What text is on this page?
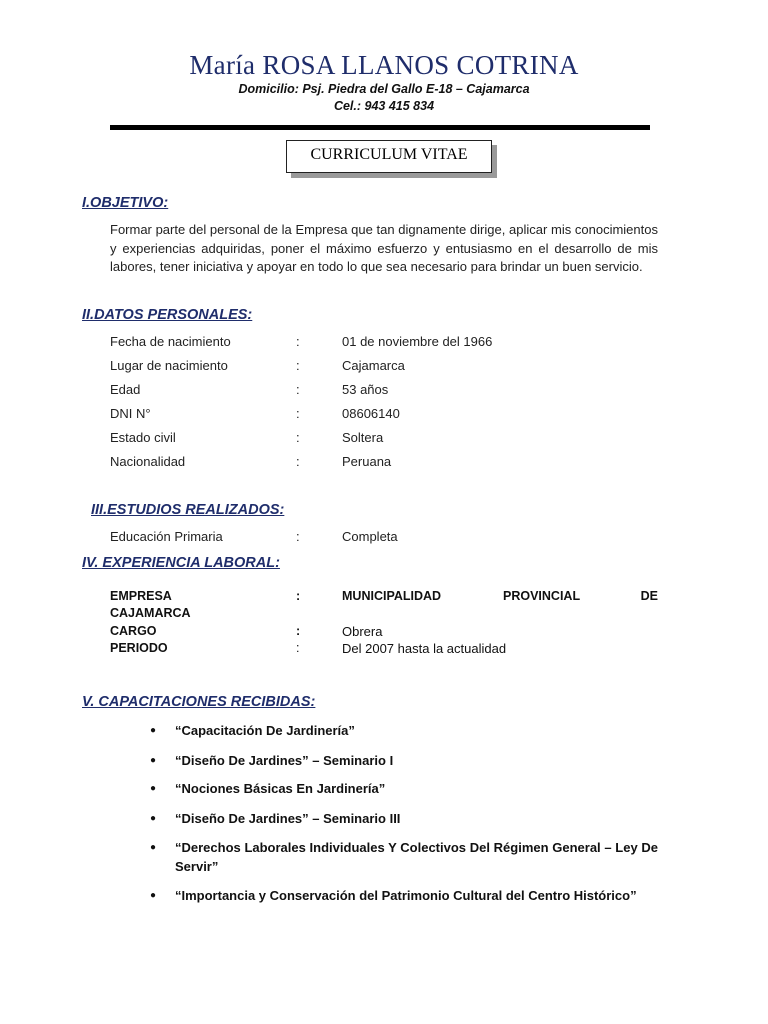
María ROSA LLANOS COTRINA
Domicilio: Psj. Piedra del Gallo E-18 – Cajamarca
Cel.: 943 415 834
CURRICULUM VITAE
I.OBJETIVO:
Formar parte del personal de la Empresa que tan dignamente dirige, aplicar mis conocimientos y experiencias adquiridas, poner el máximo esfuerzo y entusiasmo en el desarrollo de mis labores, tener iniciativa y apoyar en todo lo que sea necesario para brindar un buen servicio.
II.DATOS PERSONALES:
Fecha de nacimiento	:	01 de noviembre del 1966
Lugar de nacimiento	:	Cajamarca
Edad	:	53 años
DNI N°	:	08606140
Estado civil	:	Soltera
Nacionalidad	:	Peruana
III.ESTUDIOS REALIZADOS:
Educación Primaria	:	Completa
IV. EXPERIENCIA LABORAL:
EMPRESA	:	MUNICIPALIDAD	PROVINCIAL	DE
CAJAMARCA
CARGO	:	Obrera
PERIODO	:	Del 2007 hasta la actualidad
V. CAPACITACIONES RECIBIDAS:
● “Capacitación De Jardinería”
● “Diseño De Jardines” – Seminario I
● “Nociones Básicas En Jardinería”
● “Diseño De Jardines” – Seminario III
● “Derechos Laborales Individuales Y Colectivos Del Régimen General – Ley De Servir”
● “Importancia y Conservación del Patrimonio Cultural del Centro Histórico”
